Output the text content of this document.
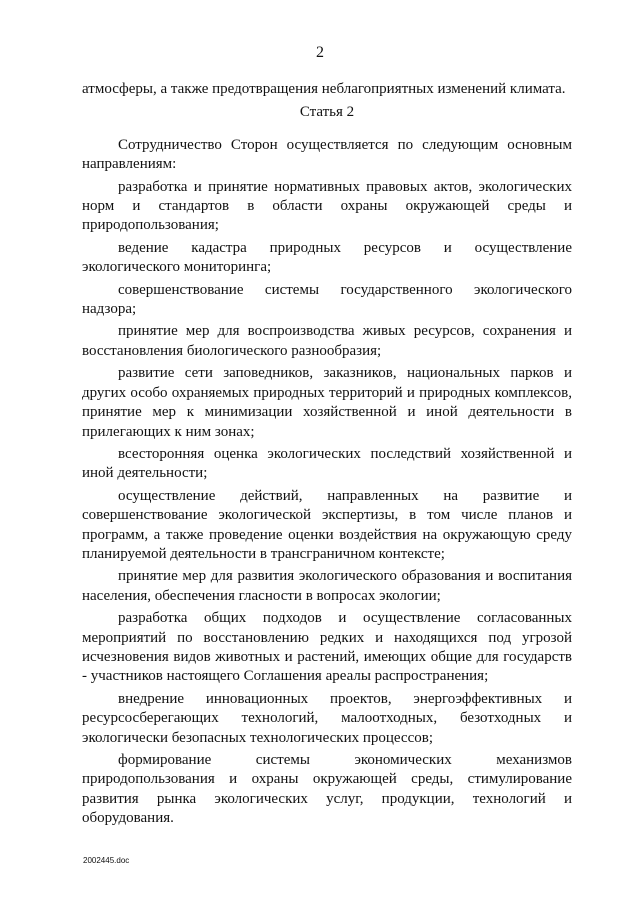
2

атмосферы, а также предотвращения неблагоприятных изменений климата.

Статья 2

Сотрудничество Сторон осуществляется по следующим основным направлениям:

разработка и принятие нормативных правовых актов, экологических норм и стандартов в области охраны окружающей среды и природопользования;

ведение кадастра природных ресурсов и осуществление экологического мониторинга;

совершенствование системы государственного экологического надзора;

принятие мер для воспроизводства живых ресурсов, сохранения и восстановления биологического разнообразия;

развитие сети заповедников, заказников, национальных парков и других особо охраняемых природных территорий и природных комплексов, принятие мер к минимизации хозяйственной и иной деятельности в прилегающих к ним зонах;

всесторонняя оценка экологических последствий хозяйственной и иной деятельности;

осуществление действий, направленных на развитие и совершенствование экологической экспертизы, в том числе планов и программ, а также проведение оценки воздействия на окружающую среду планируемой деятельности в трансграничном контексте;

принятие мер для развития экологического образования и воспитания населения, обеспечения гласности в вопросах экологии;

разработка общих подходов и осуществление согласованных мероприятий по восстановлению редких и находящихся под угрозой исчезновения видов животных и растений, имеющих общие для государств - участников настоящего Соглашения ареалы распространения;

внедрение инновационных проектов, энергоэффективных и ресурсосберегающих технологий, малоотходных, безотходных и экологически безопасных технологических процессов;

формирование системы экономических механизмов природопользования и охраны окружающей среды, стимулирование развития рынка экологических услуг, продукции, технологий и оборудования.

2002445.doc
